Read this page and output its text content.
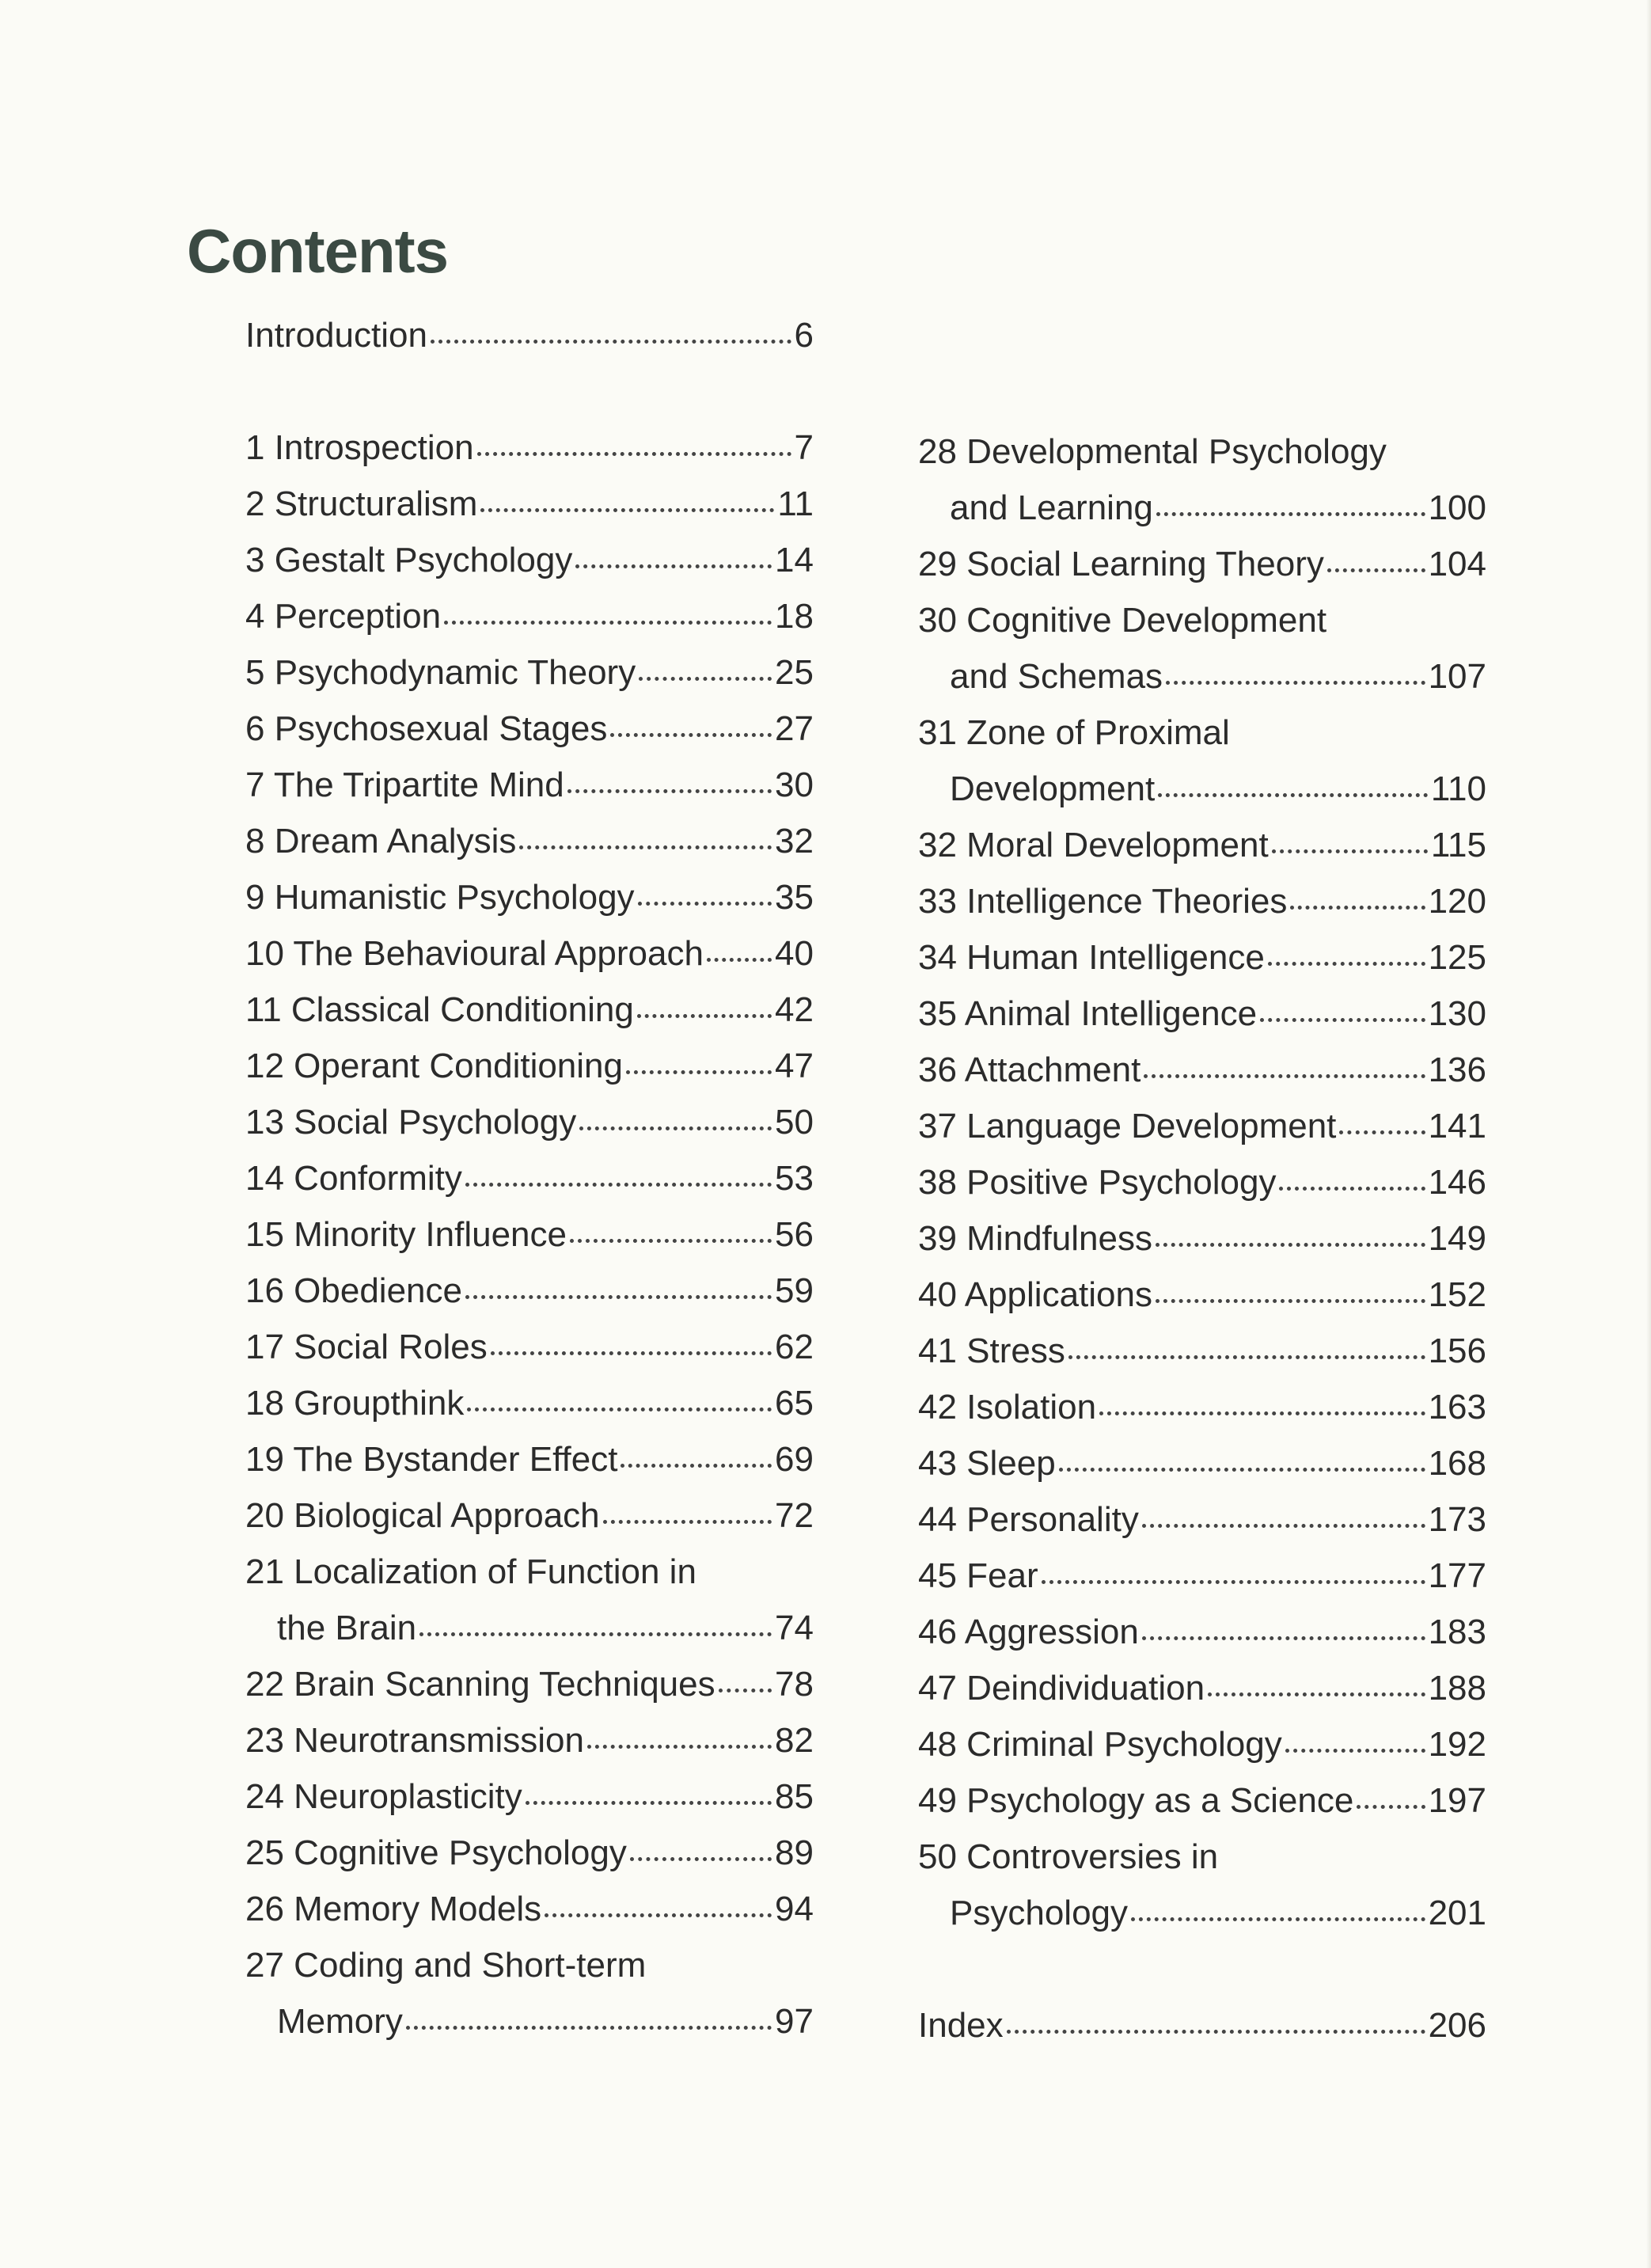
Contents
Introduction	6
1 Introspection	7
2 Structuralism	11
3 Gestalt Psychology	14
4 Perception	18
5 Psychodynamic Theory	25
6 Psychosexual Stages	27
7 The Tripartite Mind	30
8 Dream Analysis	32
9 Humanistic Psychology	35
10 The Behavioural Approach 40
11 Classical Conditioning	42
12 Operant Conditioning	47
13 Social Psychology	50
14 Conformity	53
15 Minority Influence	56
16 Obedience	59
17 Social Roles	62
18 Groupthink	65
19 The Bystander Effect	69
20 Biological Approach	72
21 Localization of Function in
the Brain	74
22 Brain Scanning Techniques 78
23 Neurotransmission	82
24 Neuroplasticity	85
25 Cognitive Psychology	89
26 Memory Models	94
27 Coding and Short-term
Memory	97
28 Developmental Psychology
and Learning	100
29 Social Learning Theory	104
30 Cognitive Development
and Schemas	107
31 Zone of Proximal
Development	110
32 Moral Development	115
33 Intelligence Theories	120
34 Human Intelligence	125
35 Animal Intelligence	130
36 Attachment	136
37 Language Development	141
38 Positive Psychology	146
39 Mindfulness	149
40 Applications	152
41 Stress	156
42 Isolation	163
43 Sleep	168
44 Personality	173
45 Fear	177
46 Aggression	183
47 Deindividuation	188
48 Criminal Psychology	192
49 Psychology as a Science 197
50 Controversies in
Psychology	201
Index	206
